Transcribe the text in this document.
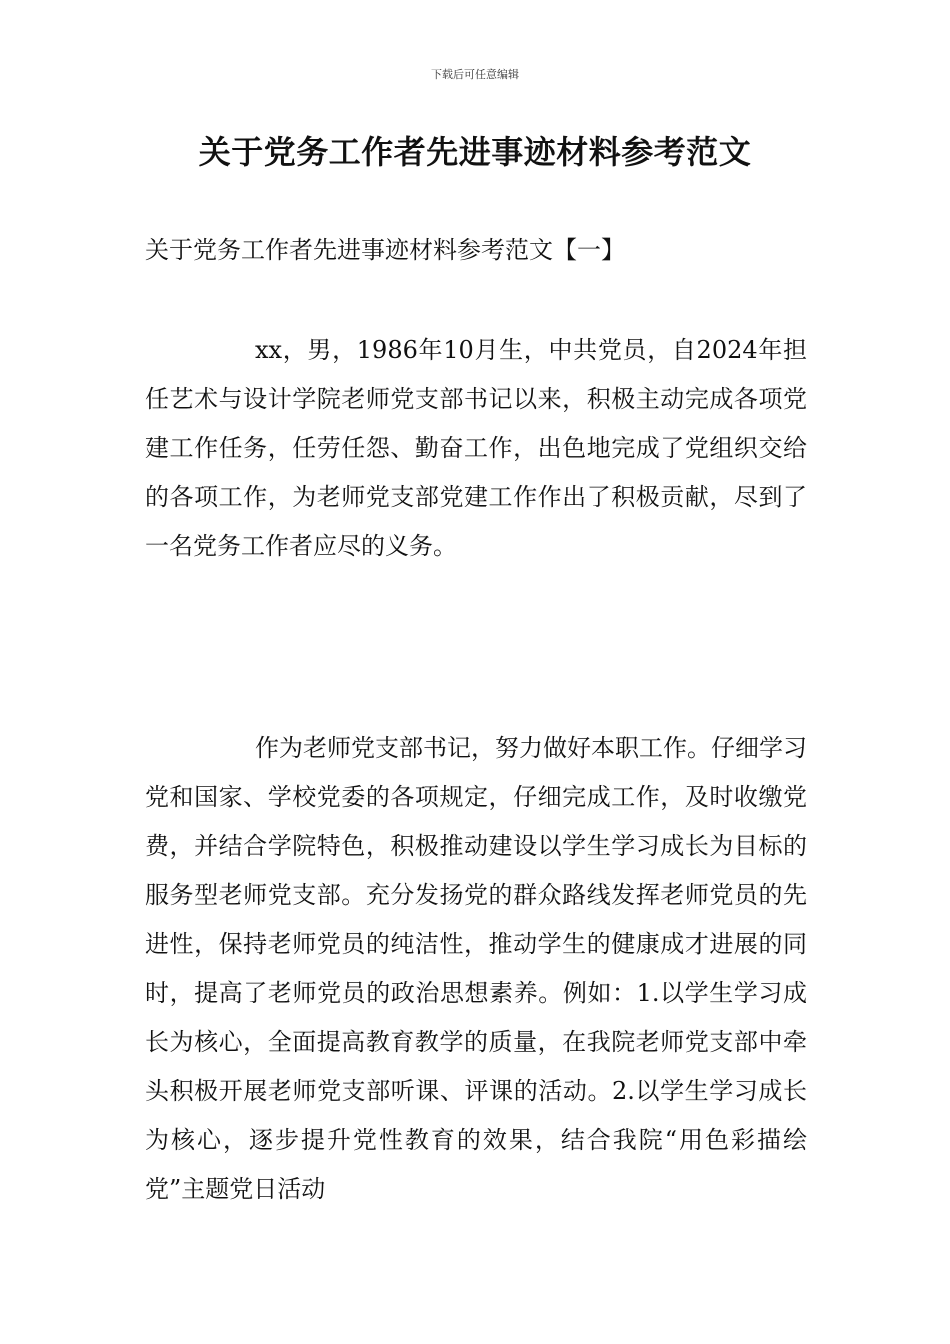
下载后可任意编辑
关于党务工作者先进事迹材料参考范文
关于党务工作者先进事迹材料参考范文【一】

xx，男，1986年10月生，中共党员，自2024年担任艺术与设计学院老师党支部书记以来，积极主动完成各项党建工作任务，任劳任怨、勤奋工作，出色地完成了党组织交给的各项工作，为老师党支部党建工作作出了积极贡献，尽到了一名党务工作者应尽的义务。

作为老师党支部书记，努力做好本职工作。仔细学习党和国家、学校党委的各项规定，仔细完成工作，及时收缴党费，并结合学院特色，积极推动建设以学生学习成长为目标的服务型老师党支部。充分发扬党的群众路线发挥老师党员的先进性，保持老师党员的纯洁性，推动学生的健康成才进展的同时，提高了老师党员的政治思想素养。例如：1.以学生学习成长为核心，全面提高教育教学的质量，在我院老师党支部中牵头积极开展老师党支部听课、评课的活动。2.以学生学习成长为核心，逐步提升党性教育的效果，结合我院“用色彩描绘党”主题党日活动
